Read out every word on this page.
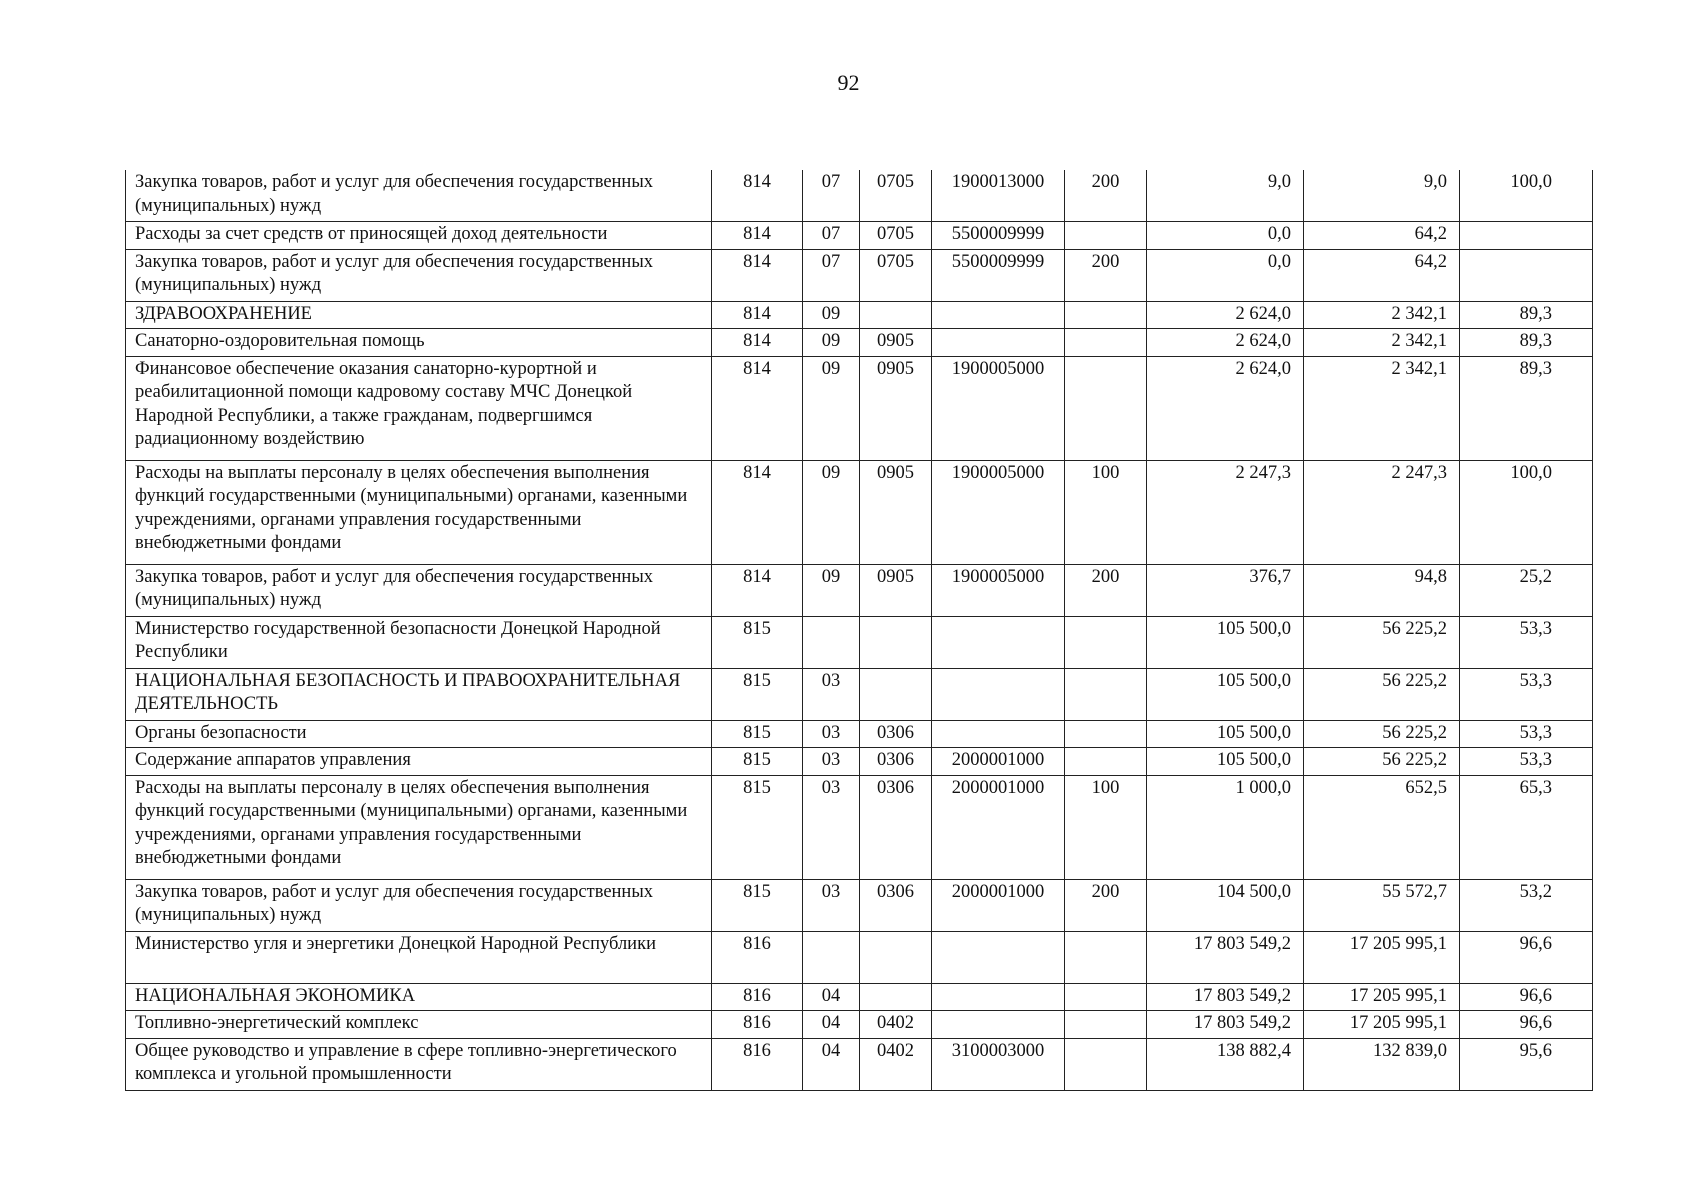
92
Закупка товаров, работ и услуг для обеспечения государственных (муниципальных) нужд	814	07	0705	1900013000	200	9,0	9,0	100,0
Расходы за счет средств от приносящей доход деятельности	814	07	0705	5500009999		0,0	64,2	
Закупка товаров, работ и услуг для обеспечения государственных (муниципальных) нужд	814	07	0705	5500009999	200	0,0	64,2	
ЗДРАВООХРАНЕНИЕ	814	09				2 624,0	2 342,1	89,3
Санаторно-оздоровительная помощь	814	09	0905			2 624,0	2 342,1	89,3
Финансовое обеспечение оказания санаторно-курортной и реабилитационной помощи кадровому составу МЧС Донецкой Народной Республики, а также гражданам, подвергшимся радиационному воздействию	814	09	0905	1900005000		2 624,0	2 342,1	89,3
Расходы на выплаты персоналу в целях обеспечения выполнения функций государственными (муниципальными) органами, казенными учреждениями, органами управления государственными внебюджетными фондами	814	09	0905	1900005000	100	2 247,3	2 247,3	100,0
Закупка товаров, работ и услуг для обеспечения государственных (муниципальных) нужд	814	09	0905	1900005000	200	376,7	94,8	25,2
Министерство государственной безопасности Донецкой Народной Республики	815					105 500,0	56 225,2	53,3
НАЦИОНАЛЬНАЯ БЕЗОПАСНОСТЬ И ПРАВООХРАНИТЕЛЬНАЯ ДЕЯТЕЛЬНОСТЬ	815	03				105 500,0	56 225,2	53,3
Органы безопасности	815	03	0306			105 500,0	56 225,2	53,3
Содержание аппаратов управления	815	03	0306	2000001000		105 500,0	56 225,2	53,3
Расходы на выплаты персоналу в целях обеспечения выполнения функций государственными (муниципальными) органами, казенными учреждениями, органами управления государственными внебюджетными фондами	815	03	0306	2000001000	100	1 000,0	652,5	65,3
Закупка товаров, работ и услуг для обеспечения государственных (муниципальных) нужд	815	03	0306	2000001000	200	104 500,0	55 572,7	53,2
Министерство угля и энергетики Донецкой Народной Республики	816					17 803 549,2	17 205 995,1	96,6
НАЦИОНАЛЬНАЯ ЭКОНОМИКА	816	04				17 803 549,2	17 205 995,1	96,6
Топливно-энергетический комплекс	816	04	0402			17 803 549,2	17 205 995,1	96,6
Общее руководство и управление в сфере топливно-энергетического комплекса и угольной промышленности	816	04	0402	3100003000		138 882,4	132 839,0	95,6
